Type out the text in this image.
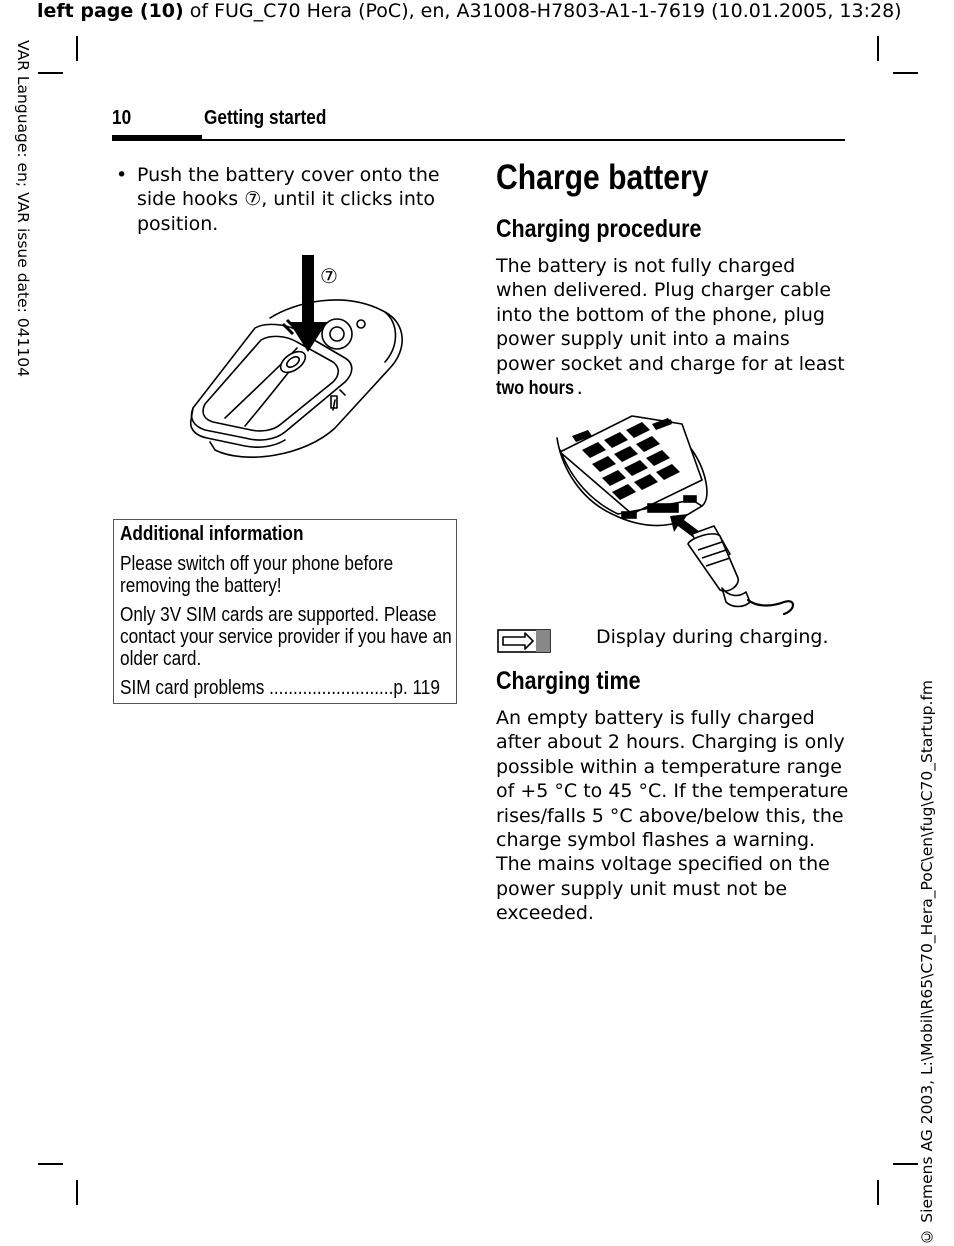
left page (10) of FUG_C70 Hera (PoC), en, A31008-H7803-A1-1-7619 (10.01.2005, 13:28)
VAR Language: en; VAR issue date: 041104
© Siemens AG 2003, L:\Mobil\R65\C70_Hera_PoC\en\fug\C70_Startup.fm
10	Getting started
• Push the battery cover onto the
side hooks ⑦, until it clicks into
position.
⑦
Additional information
Please switch off your phone before
removing the battery!
Only 3V SIM cards are supported. Please
contact your service provider if you have an
older card.
SIM card problems ..........................p. 119
Charge battery
Charging procedure
The battery is not fully charged
when delivered. Plug charger cable
into the bottom of the phone, plug
power supply unit into a mains
power socket and charge for at least
two hours .
Display during charging.
Charging time
An empty battery is fully charged
after about 2 hours. Charging is only
possible within a temperature range
of +5 °C to 45 °C. If the temperature
rises/falls 5 °C above/below this, the
charge symbol flashes a warning.
The mains voltage specified on the
power supply unit must not be
exceeded.
